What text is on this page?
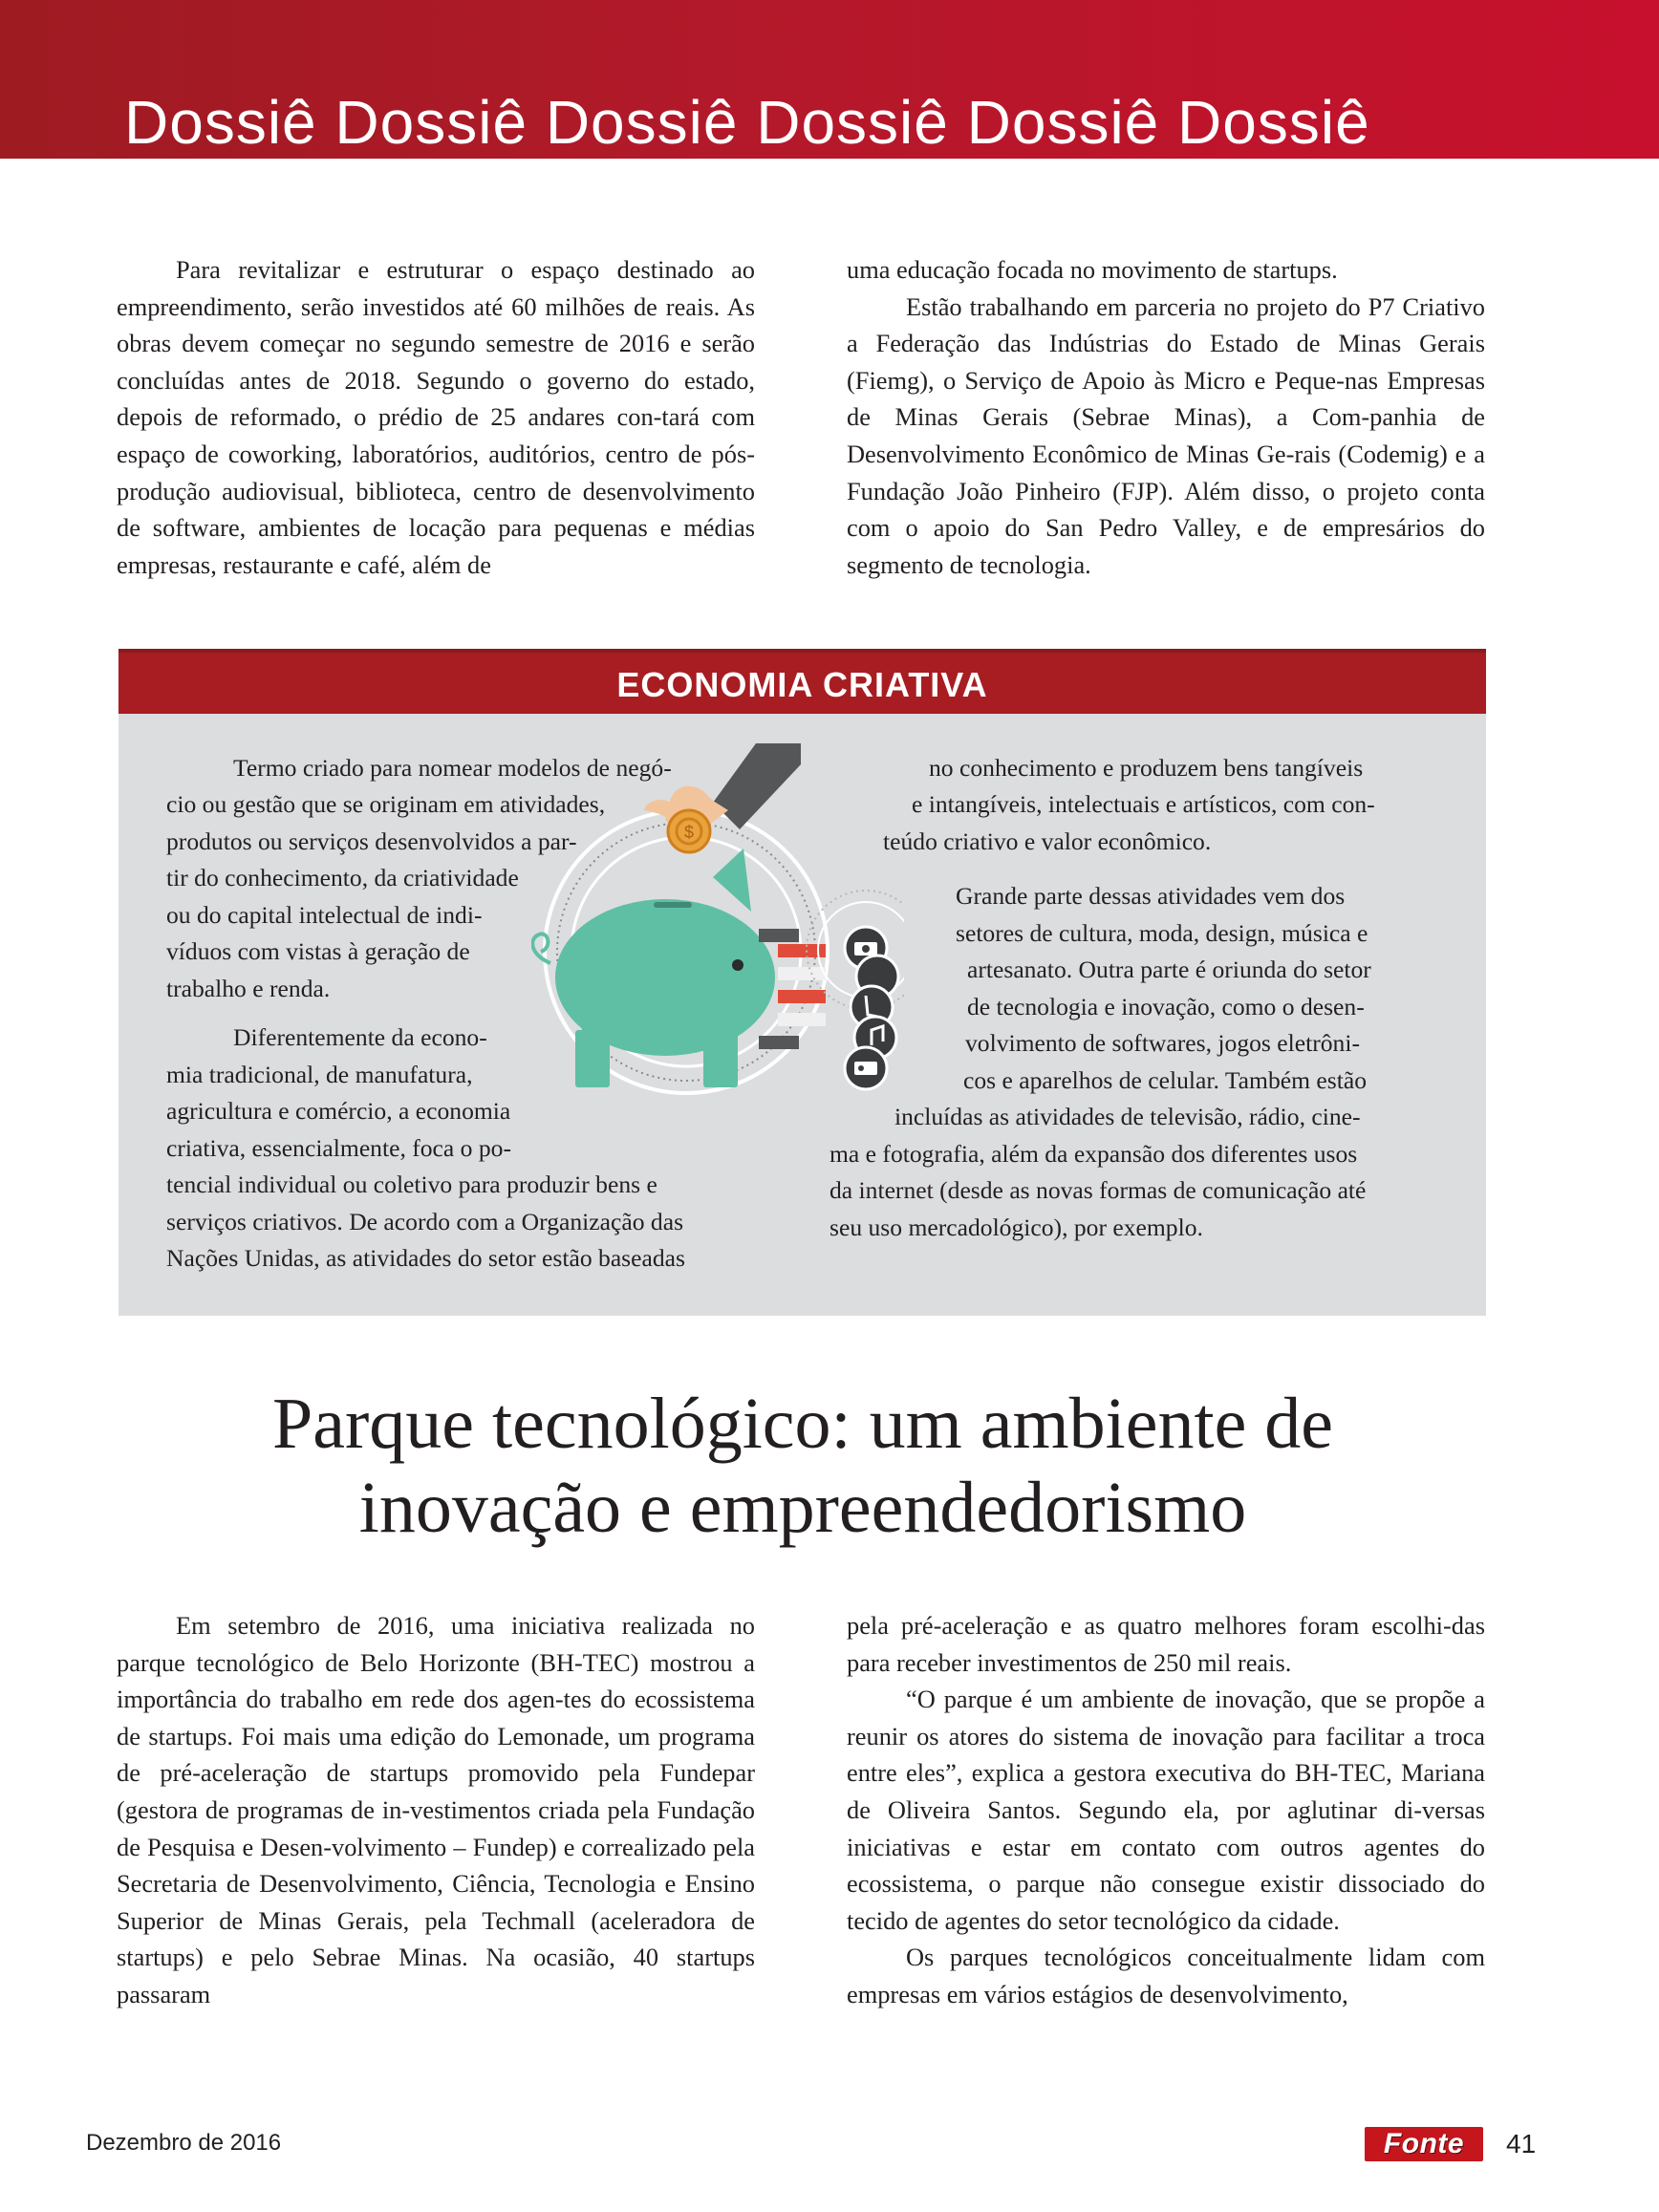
Dossiê Dossiê Dossiê Dossiê Dossiê Dossiê

Para revitalizar e estruturar o espaço destinado ao empreendimento, serão investidos até 60 milhões de reais. As obras devem começar no segundo semestre de 2016 e serão concluídas antes de 2018. Segundo o governo do estado, depois de reformado, o prédio de 25 andares con-tará com espaço de coworking, laboratórios, auditórios, centro de pós-produção audiovisual, biblioteca, centro de desenvolvimento de software, ambientes de locação para pequenas e médias empresas, restaurante e café, além de

uma educação focada no movimento de startups.

Estão trabalhando em parceria no projeto do P7 Criativo a Federação das Indústrias do Estado de Minas Gerais (Fiemg), o Serviço de Apoio às Micro e Peque-nas Empresas de Minas Gerais (Sebrae Minas), a Com-panhia de Desenvolvimento Econômico de Minas Ge-rais (Codemig) e a Fundação João Pinheiro (FJP). Além disso, o projeto conta com o apoio do San Pedro Valley, e de empresários do segmento de tecnologia.

ECONOMIA CRIATIVA
Termo criado para nomear modelos de negó-
cio ou gestão que se originam em atividades,
produtos ou serviços desenvolvidos a par-
tir do conhecimento, da criatividade
ou do capital intelectual de indi-
víduos com vistas à geração de
trabalho e renda.
Diferentemente da econo-
mia tradicional, de manufatura,
agricultura e comércio, a economia
criativa, essencialmente, foca o po-
tencial individual ou coletivo para produzir bens e
serviços criativos. De acordo com a Organização das
Nações Unidas, as atividades do setor estão baseadas
no conhecimento e produzem bens tangíveis
e intangíveis, intelectuais e artísticos, com con-
teúdo criativo e valor econômico.
Grande parte dessas atividades vem dos
setores de cultura, moda, design, música e
artesanato. Outra parte é oriunda do setor
de tecnologia e inovação, como o desen-
volvimento de softwares, jogos eletrôni-
cos e aparelhos de celular. Também estão
incluídas as atividades de televisão, rádio, cine-
ma e fotografia, além da expansão dos diferentes usos
da internet (desde as novas formas de comunicação até
seu uso mercadológico), por exemplo.
$
Parque tecnológico: um ambiente de
inovação e empreendedorismo

Em setembro de 2016, uma iniciativa realizada no parque tecnológico de Belo Horizonte (BH-TEC) mostrou a importância do trabalho em rede dos agen-tes do ecossistema de startups. Foi mais uma edição do Lemonade, um programa de pré-aceleração de startups promovido pela Fundepar (gestora de programas de in-vestimentos criada pela Fundação de Pesquisa e Desen-volvimento – Fundep) e correalizado pela Secretaria de Desenvolvimento, Ciência, Tecnologia e Ensino Superior de Minas Gerais, pela Techmall (aceleradora de startups) e pelo Sebrae Minas. Na ocasião, 40 startups passaram

pela pré-aceleração e as quatro melhores foram escolhi-das para receber investimentos de 250 mil reais.

“O parque é um ambiente de inovação, que se propõe a reunir os atores do sistema de inovação para facilitar a troca entre eles”, explica a gestora executiva do BH-TEC, Mariana de Oliveira Santos. Segundo ela, por aglutinar di-versas iniciativas e estar em contato com outros agentes do ecossistema, o parque não consegue existir dissociado do tecido de agentes do setor tecnológico da cidade.

Os parques tecnológicos conceitualmente lidam com empresas em vários estágios de desenvolvimento,

Dezembro de 2016	Fonte	41
